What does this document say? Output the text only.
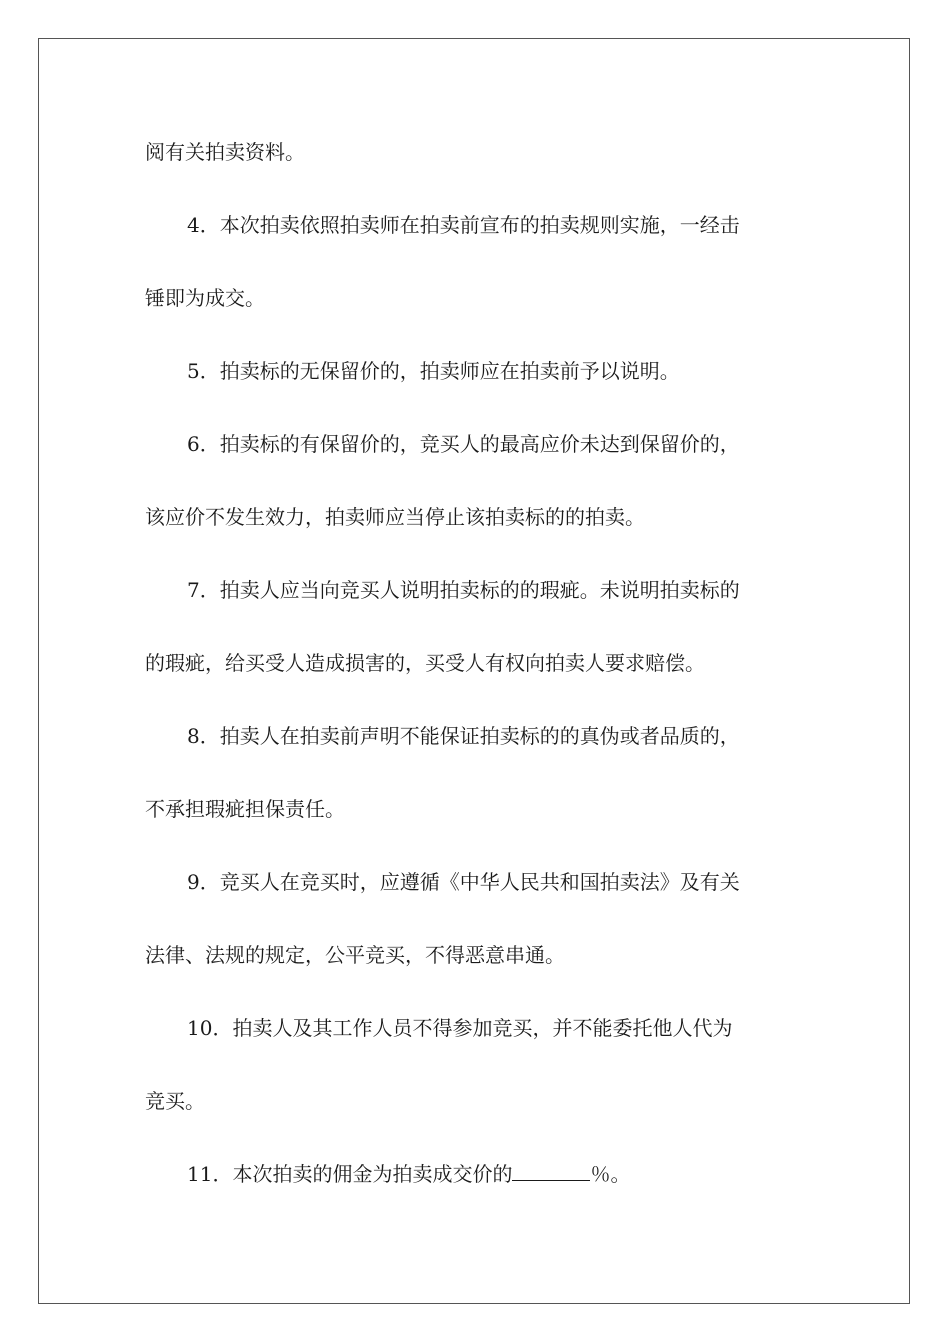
阅有关拍卖资料。
4．本次拍卖依照拍卖师在拍卖前宣布的拍卖规则实施，一经击
锤即为成交。
5．拍卖标的无保留价的，拍卖师应在拍卖前予以说明。
6．拍卖标的有保留价的，竞买人的最高应价未达到保留价的，
该应价不发生效力，拍卖师应当停止该拍卖标的的拍卖。
7．拍卖人应当向竞买人说明拍卖标的的瑕疵。未说明拍卖标的
的瑕疵，给买受人造成损害的，买受人有权向拍卖人要求赔偿。
8．拍卖人在拍卖前声明不能保证拍卖标的的真伪或者品质的，
不承担瑕疵担保责任。
9．竞买人在竞买时，应遵循《中华人民共和国拍卖法》及有关
法律、法规的规定，公平竞买，不得恶意串通。
10．拍卖人及其工作人员不得参加竞买，并不能委托他人代为
竞买。
11．本次拍卖的佣金为拍卖成交价的	％。
